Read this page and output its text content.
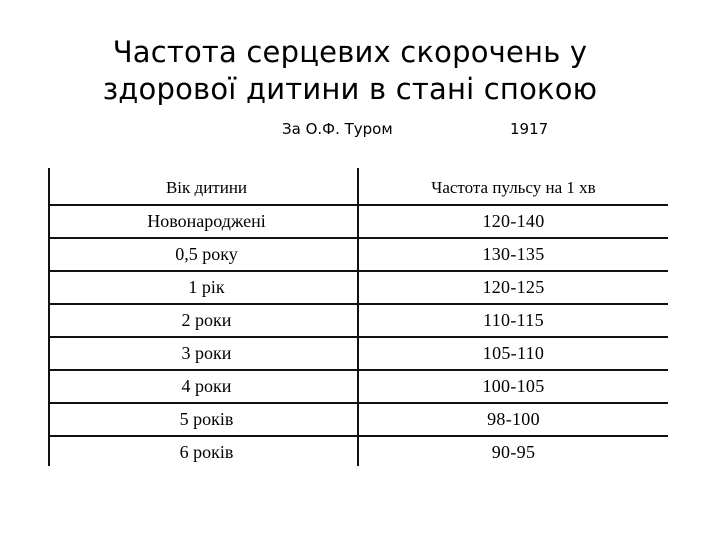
Частота серцевих скорочень у
здорової дитини в стані спокою
За О.Ф. Туром	1917
Вік дитини	Частота пульсу на 1 хв
Новонароджені	120-140
0,5 року	130-135
1 рік	120-125
2 роки	110-115
3 роки	105-110
4 роки	100-105
5 років	98-100
6 років	90-95
